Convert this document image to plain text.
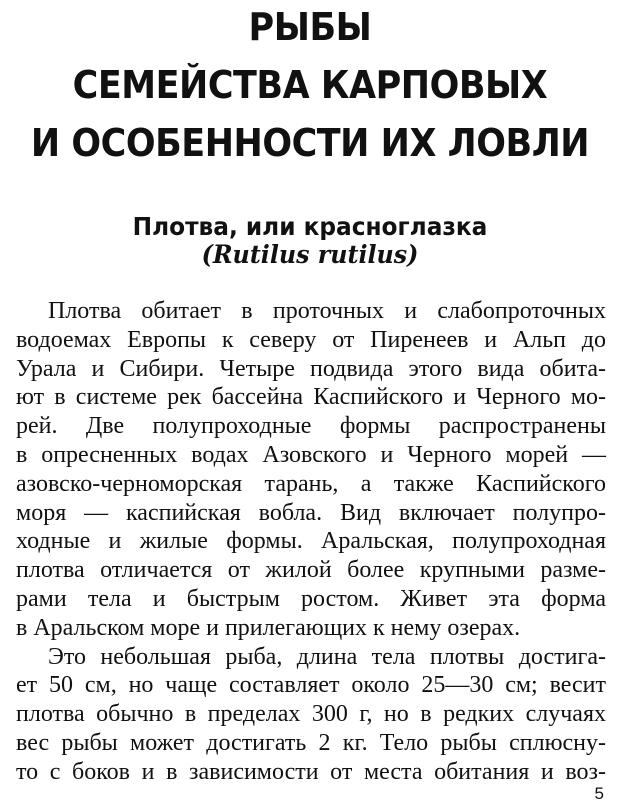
РЫБЫ
СЕМЕЙСТВА КАРПОВЫХ
И ОСОБЕННОСТИ ИХ ЛОВЛИ
Плотва, или красноглазка
(Rutilus rutilus)
Плотва обитает в проточных и слабопроточных
водоемах Европы к северу от Пиренеев и Альп до
Урала и Сибири. Четыре подвида этого вида обита-
ют в системе рек бассейна Каспийского и Черного мо-
рей. Две полупроходные формы распространены
в опресненных водах Азовского и Черного морей —
азовско-черноморская тарань, а также Каспийского
моря — каспийская вобла. Вид включает полупро-
ходные и жилые формы. Аральская, полупроходная
плотва отличается от жилой более крупными разме-
рами тела и быстрым ростом. Живет эта форма
в Аральском море и прилегающих к нему озерах.
Это небольшая рыба, длина тела плотвы достига-
ет 50 см, но чаще составляет около 25—30 см; весит
плотва обычно в пределах 300 г, но в редких случаях
вес рыбы может достигать 2 кг. Тело рыбы сплюсну-
то с боков и в зависимости от места обитания и воз-
5
